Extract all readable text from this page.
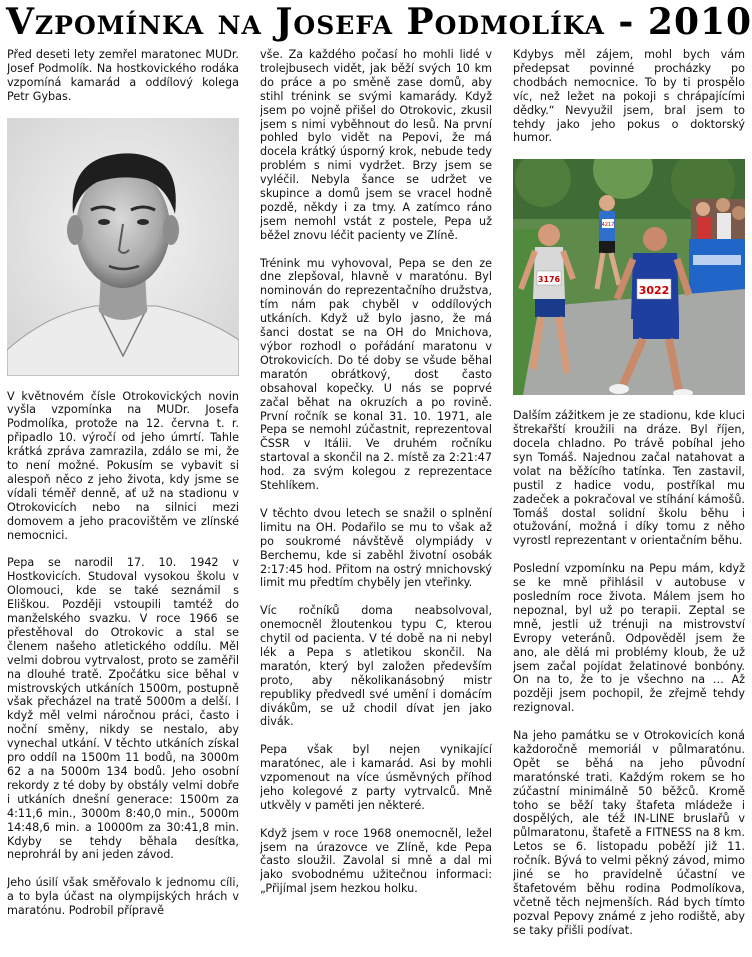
Vzpomínka na Josefa Podmolíka - 2010

Před deseti lety zemřel maratonec MUDr. Josef Podmolík. Na hostkovického rodáka vzpomíná kamarád a oddílový kolega Petr Gybas.

V květnovém čísle Otrokovických novin vyšla vzpomínka na MUDr. Josefa Podmolíka, protože na 12. června t. r. připadlo 10. výročí od jeho úmrtí. Tahle krátká zpráva zamrazila, zdálo se mi, že to není možné. Pokusím se vybavit si alespoň něco z jeho života, kdy jsme se vídali téměř denně, ať už na stadionu v Otrokovicích nebo na silnici mezi domovem a jeho pracovištěm ve zlínské nemocnici.

Pepa se narodil 17. 10. 1942 v Hostkovicích. Studoval vysokou školu v Olomouci, kde se také seznámil s Eliškou. Později vstoupili tamtéž do manželského svazku. V roce 1966 se přestěhoval do Otrokovic a stal se členem našeho atletického oddílu. Měl velmi dobrou vytrvalost, proto se zaměřil na dlouhé tratě. Zpočátku sice běhal v mistrovských utkáních 1500m, postupně však přecházel na tratě 5000m a delší. I když měl velmi náročnou práci, často i noční směny, nikdy se nestalo, aby vynechal utkání. V těchto utkáních získal pro oddíl na 1500m 11 bodů, na 3000m 62 a na 5000m 134 bodů. Jeho osobní rekordy z té doby by obstály velmi dobře i utkáních dnešní generace: 1500m za 4:11,6 min., 3000m 8:40,0 min., 5000m 14:48,6 min. a 10000m za 30:41,8 min. Kdyby se tehdy běhala desítka, neprohrál by ani jeden závod.

Jeho úsilí však směřovalo k jednomu cíli, a to byla účast na olympijských hrách v maratónu. Podrobil přípravě

vše. Za každého počasí ho mohli lidé v trolejbusech vidět, jak běží svých 10 km do práce a po směně zase domů, aby stihl trénink se svými kamarády. Když jsem po vojně přišel do Otrokovic, zkusil jsem s nimi vyběhnout do lesů. Na první pohled bylo vidět na Pepovi, že má docela krátký úsporný krok, nebude tedy problém s nimi vydržet. Brzy jsem se vyléčil. Nebyla šance se udržet ve skupince a domů jsem se vracel hodně pozdě, někdy i za tmy. A zatímco ráno jsem nemohl vstát z postele, Pepa už běžel znovu léčit pacienty ve Zlíně.

Trénink mu vyhovoval, Pepa se den ze dne zlepšoval, hlavně v maratónu. Byl nominován do reprezentačního družstva, tím nám pak chyběl v oddílových utkáních. Když už bylo jasno, že má šanci dostat se na OH do Mnichova, výbor rozhodl o pořádání maratonu v Otrokovicích. Do té doby se všude běhal maratón obrátkový, dost často obsahoval kopečky. U nás se poprvé začal běhat na okruzích a po rovině. První ročník se konal 31. 10. 1971, ale Pepa se nemohl zúčastnit, reprezentoval ČSSR v Itálii. Ve druhém ročníku startoval a skončil na 2. místě za 2:21:47 hod. za svým kolegou z reprezentace Stehlíkem.

V těchto dvou letech se snažil o splnění limitu na OH. Podařilo se mu to však až po soukromé návštěvě olympiády v Berchemu, kde si zaběhl životní osobák 2:17:45 hod. Přitom na ostrý mnichovský limit mu předtím chyběly jen vteřinky.

Víc ročníků doma neabsolvoval, onemocněl žloutenkou typu C, kterou chytil od pacienta. V té době na ni nebyl lék a Pepa s atletikou skončil. Na maratón, který byl založen především proto, aby několikanásobný mistr republiky předvedl své umění i domácím divákům, se už chodil dívat jen jako divák.

Pepa však byl nejen vynikající maratónec, ale i kamarád. Asi by mohli vzpomenout na více úsměvných příhod jeho kolegové z party vytrvalců. Mně utkvěly v paměti jen některé.

Když jsem v roce 1968 onemocněl, ležel jsem na úrazovce ve Zlíně, kde Pepa často sloužil. Zavolal si mně a dal mi jako svobodnému užitečnou informaci: „Přijímal jsem hezkou holku.

Kdybys měl zájem, mohl bych vám předepsat povinné procházky po chodbách nemocnice. To by ti prospělo víc, než ležet na pokoji s chrápajícími dědky.“ Nevyužil jsem, bral jsem to tehdy jako jeho pokus o doktorský humor.

4217
3176
3022

Dalším zážitkem je ze stadionu, kde kluci štrekařští kroužili na dráze. Byl říjen, docela chladno. Po trávě pobíhal jeho syn Tomáš. Najednou začal natahovat a volat na běžícího tatínka. Ten zastavil, pustil z hadice vodu, postříkal mu zadeček a pokračoval ve stíhání kámošů. Tomáš dostal solidní školu běhu i otužování, možná i díky tomu z něho vyrostl reprezentant v orientačním běhu.

Poslední vzpomínku na Pepu mám, když se ke mně přihlásil v autobuse v posledním roce života. Málem jsem ho nepoznal, byl už po terapii. Zeptal se mně, jestli už trénuji na mistrovství Evropy veteránů. Odpověděl jsem že ano, ale dělá mi problémy kloub, že už jsem začal pojídat želatinové bonbóny. On na to, že to je všechno na … Až později jsem pochopil, že zřejmě tehdy rezignoval.

Na jeho památku se v Otrokovicích koná každoročně memoriál v půlmaratónu. Opět se běhá na jeho původní maratónské trati. Každým rokem se ho zúčastní minimálně 50 běžců. Kromě toho se běží taky štafeta mládeže i dospělých, ale též IN-LINE bruslařů v půlmaratonu, štafetě a FITNESS na 8 km. Letos se 6. listopadu poběží již 11. ročník. Bývá to velmi pěkný závod, mimo jiné se ho pravidelně účastní ve štafetovém běhu rodina Podmolíkova, včetně těch nejmenších. Rád bych tímto pozval Pepovy známé z jeho rodiště, aby se taky přišli podívat.
